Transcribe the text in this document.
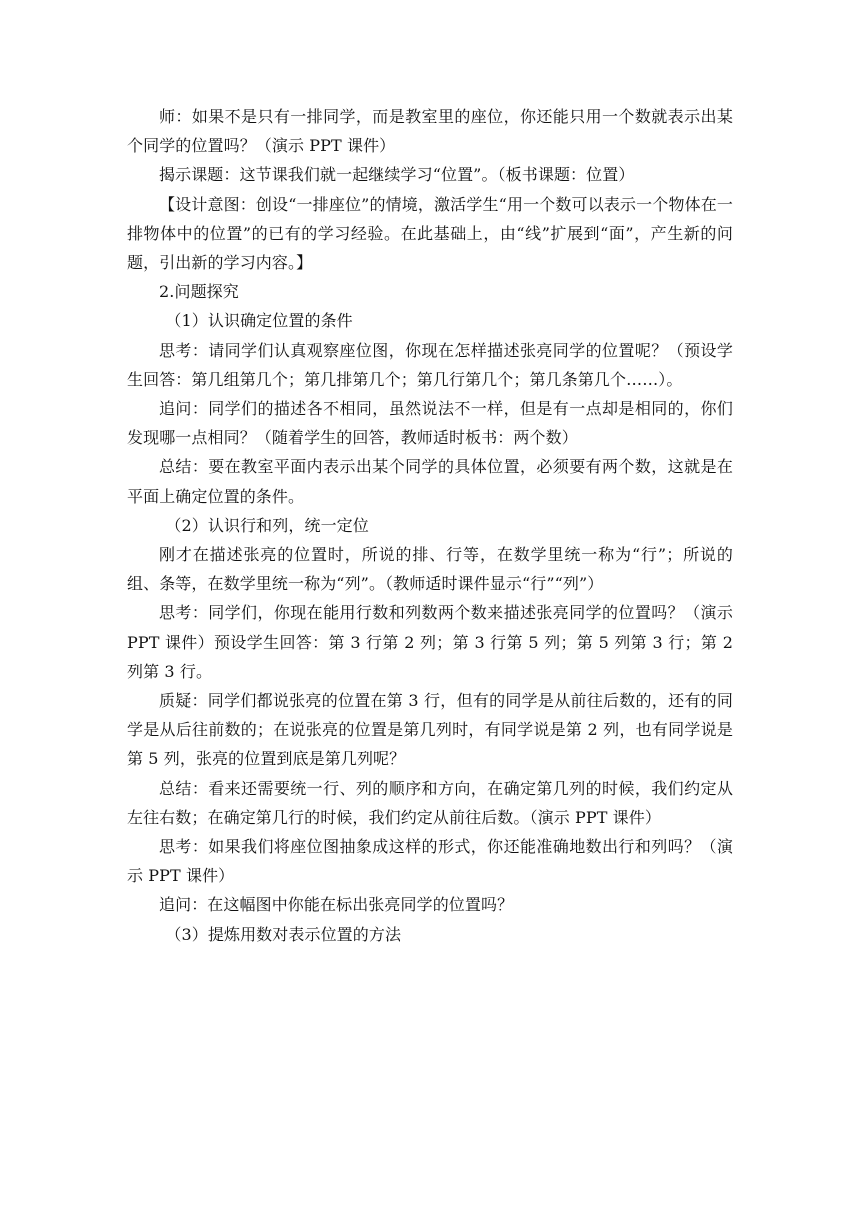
师：如果不是只有一排同学，而是教室里的座位，你还能只用一个数就表示出某个同学的位置吗？（演示 PPT 课件）

揭示课题：这节课我们就一起继续学习“位置”。（板书课题：位置）

【设计意图：创设“一排座位”的情境，激活学生“用一个数可以表示一个物体在一排物体中的位置”的已有的学习经验。在此基础上，由“线”扩展到“面”，产生新的问题，引出新的学习内容。】

2.问题探究

（1）认识确定位置的条件

思考：请同学们认真观察座位图，你现在怎样描述张亮同学的位置呢？（预设学生回答：第几组第几个；第几排第几个；第几行第几个；第几条第几个……）。

追问：同学们的描述各不相同，虽然说法不一样，但是有一点却是相同的，你们发现哪一点相同？（随着学生的回答，教师适时板书：两个数）

总结：要在教室平面内表示出某个同学的具体位置，必须要有两个数，这就是在平面上确定位置的条件。

（2）认识行和列，统一定位

刚才在描述张亮的位置时，所说的排、行等，在数学里统一称为“行”；所说的组、条等，在数学里统一称为“列”。（教师适时课件显示“行”“列”）

思考：同学们，你现在能用行数和列数两个数来描述张亮同学的位置吗？（演示 PPT 课件）预设学生回答：第 3 行第 2 列；第 3 行第 5 列；第 5 列第 3 行；第 2 列第 3 行。

质疑：同学们都说张亮的位置在第 3 行，但有的同学是从前往后数的，还有的同学是从后往前数的；在说张亮的位置是第几列时，有同学说是第 2 列，也有同学说是第 5 列，张亮的位置到底是第几列呢？

总结：看来还需要统一行、列的顺序和方向，在确定第几列的时候，我们约定从左往右数；在确定第几行的时候，我们约定从前往后数。（演示 PPT 课件）

思考：如果我们将座位图抽象成这样的形式，你还能准确地数出行和列吗？（演示 PPT 课件）

追问：在这幅图中你能在标出张亮同学的位置吗？

（3）提炼用数对表示位置的方法
